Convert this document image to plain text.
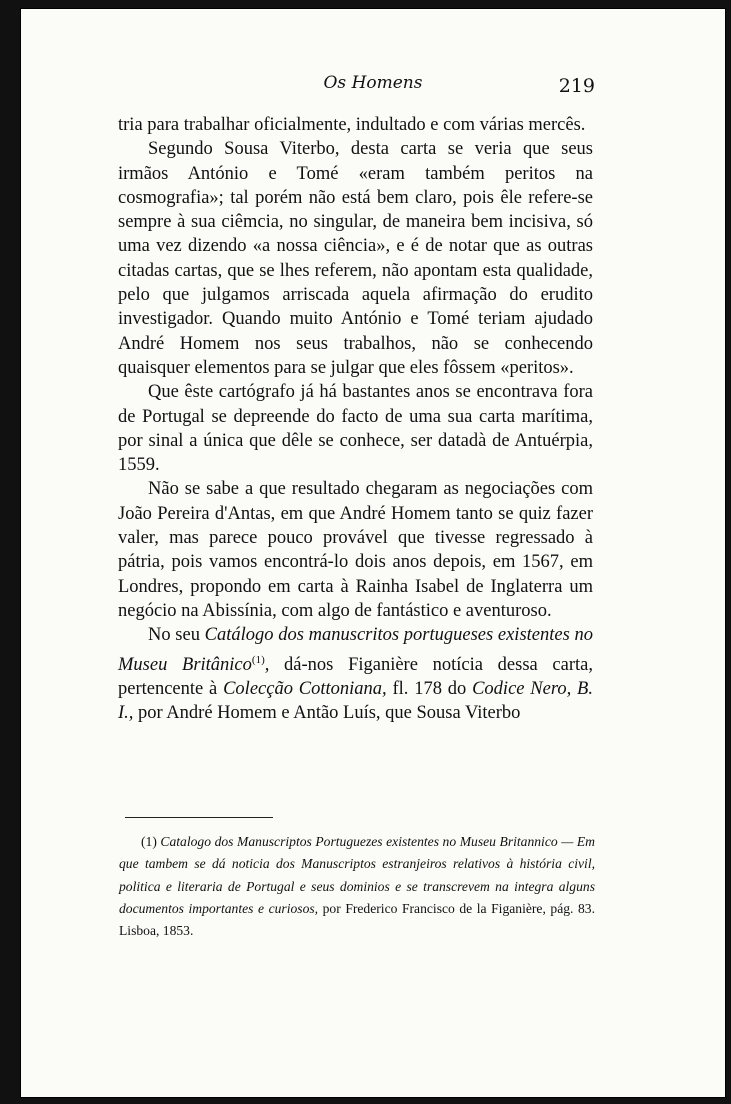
Os Homens	219

tria para trabalhar oficialmente, indultado e com várias mercês.

Segundo Sousa Viterbo, desta carta se veria que seus irmãos António e Tomé «eram também peritos na cosmografia»; tal porém não está bem claro, pois êle refere-se sempre à sua ciêmcia, no singular, de maneira bem incisiva, só uma vez dizendo «a nossa ciência», e é de notar que as outras citadas cartas, que se lhes referem, não apontam esta qualidade, pelo que julgamos arriscada aquela afirmação do erudito investigador. Quando muito António e Tomé teriam ajudado André Homem nos seus trabalhos, não se conhecendo quaisquer elementos para se julgar que eles fôssem «peritos».

Que êste cartógrafo já há bastantes anos se encontrava fora de Portugal se depreende do facto de uma sua carta marítima, por sinal a única que dêle se conhece, ser datadà de Antuérpia, 1559.

Não se sabe a que resultado chegaram as negociações com João Pereira d'Antas, em que André Homem tanto se quiz fazer valer, mas parece pouco provável que tivesse regressado à pátria, pois vamos encontrá-lo dois anos depois, em 1567, em Londres, propondo em carta à Rainha Isabel de Inglaterra um negócio na Abissínia, com algo de fantástico e aventuroso.

No seu Catálogo dos manuscritos portugueses existentes no Museu Britânico$^{(1)}$, dá-nos Figanière notícia dessa carta, pertencente à Colecção Cottoniana, fl. 178 do Codice Nero, B. I., por André Homem e Antão Luís, que Sousa Viterbo

(1) Catalogo dos Manuscriptos Portuguezes existentes no Museu Britannico — Em que tambem se dá noticia dos Manuscriptos estranjeiros relativos à história civil, politica e literaria de Portugal e seus dominios e se transcrevem na integra alguns documentos importantes e curiosos, por Frederico Francisco de la Figanière, pág. 83. Lisboa, 1853.
